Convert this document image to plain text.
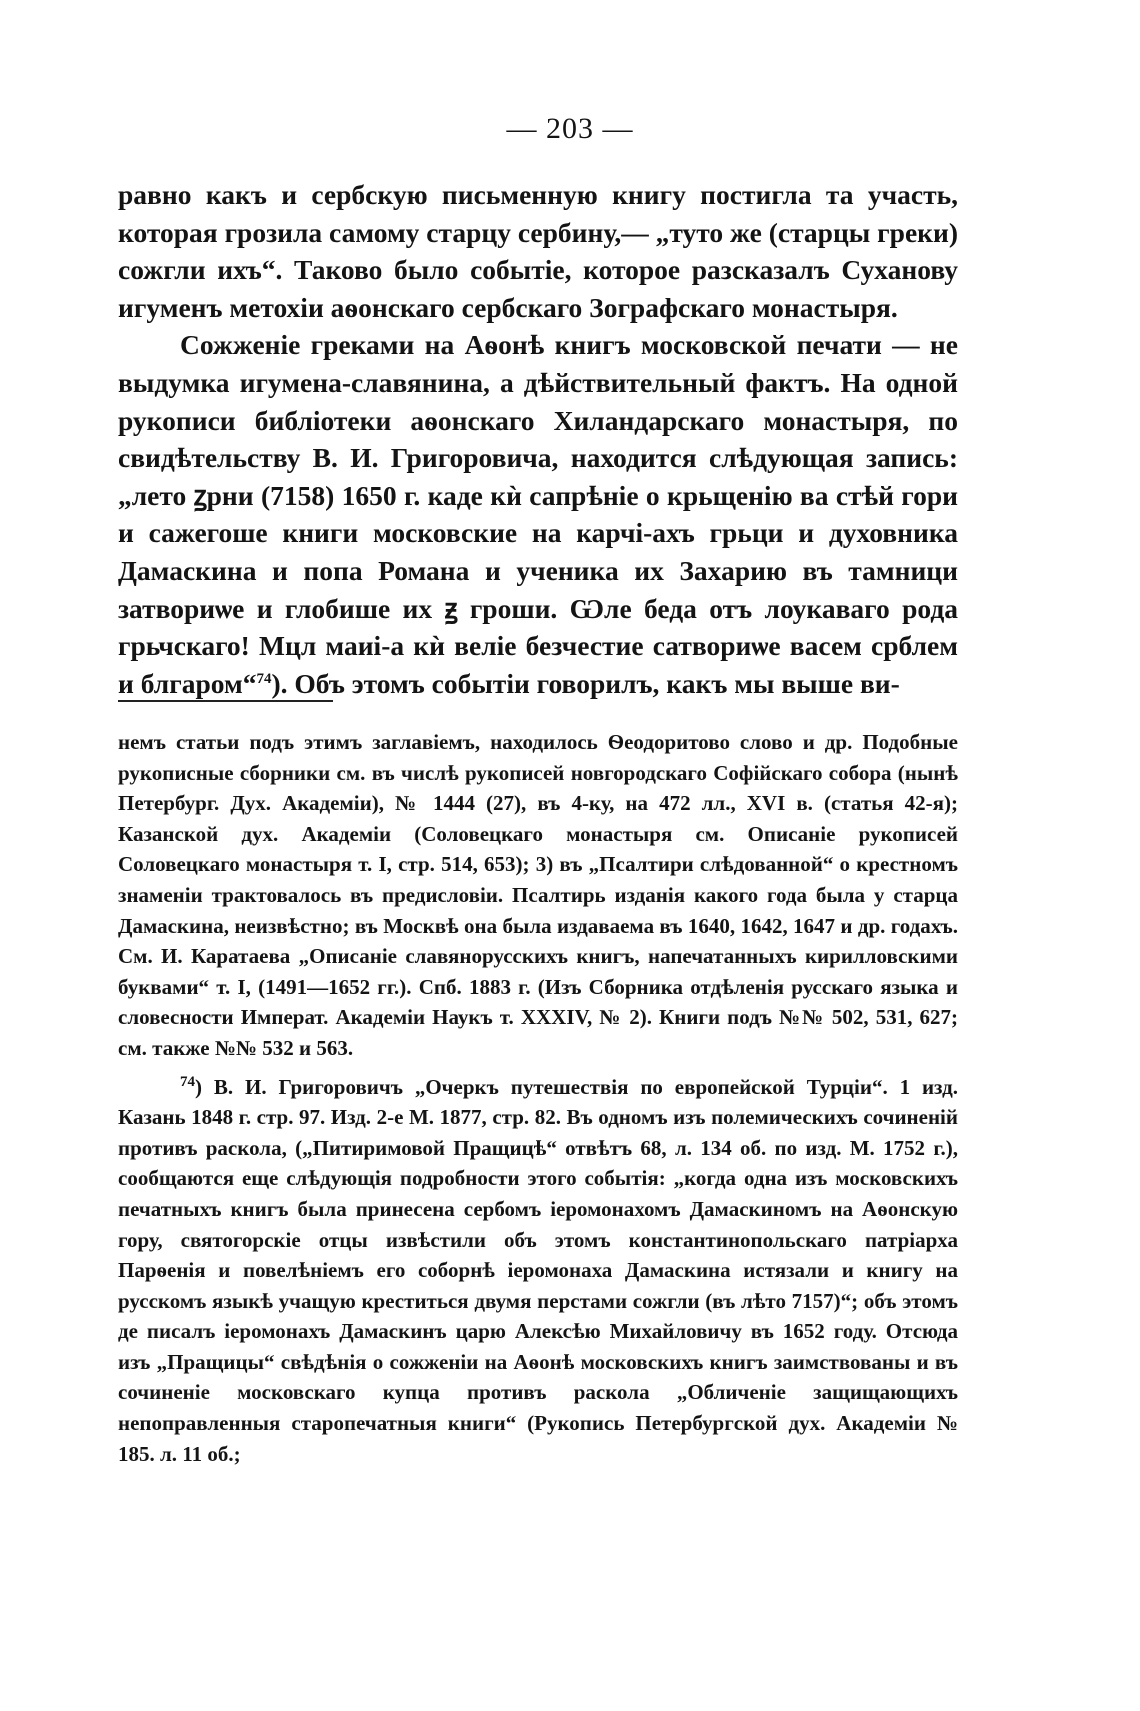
— 203 —

равно какъ и сербскую письменную книгу постигла та участь, которая грозила самому старцу сербину,— „туто же (старцы греки) сожгли ихъ“. Таково было событіе, которое разсказалъ Суханову игуменъ метохіи аѳонскаго сербскаго Зографскаго монастыря.

Сожженіе греками на Аѳонѣ книгъ московской печати — не выдумка игумена-славянина, а дѣйствительный фактъ. На одной рукописи библіотеки аѳонскаго Хиландарскаго монастыря, по свидѣтельству В. И. Григоровича, находится слѣдующая запись: „лето ꙁрни (7158) 1650 г. каде кѝ сапрѣніе о крьщенію ва стѣй гори и сажегоше книги московские на карчі-ахъ грьци и духовника Дамаскина и попа Романа и ученика их Захарию въ тамници затвориѡе и глобише их ꙃ гроши. Ѡле беда отъ лоукаваго рода грьчскаго! Мцл маиі-а кѝ веліе безчестие сатвориѡе васем срблем и блгаром“$^{74}$). Объ этомъ событіи говорилъ, какъ мы выше ви-

немъ статьи подъ этимъ заглавіемъ, находилось Ѳеодоритово слово и др. Подобные рукописные сборники см. въ числѣ рукописей новгородскаго Софійскаго собора (нынѣ Петербург. Дух. Академіи), № 1444 (27), въ 4-ку, на 472 лл., XVI в. (статья 42-я); Казанской дух. Академіи (Соловецкаго монастыря см. Описаніе рукописей Соловецкаго монастыря т. І, стр. 514, 653); 3) въ „Псалтири слѣдованной“ о крестномъ знаменіи трактовалось въ предисловіи. Псалтирь изданія какого года была у старца Дамаскина, неизвѣстно; въ Москвѣ она была издаваема въ 1640, 1642, 1647 и др. годахъ. См. И. Каратаева „Описаніе славянорусскихъ книгъ, напечатанныхъ кирилловскими буквами“ т. І, (1491—1652 гг.). Спб. 1883 г. (Изъ Сборника отдѣленія русскаго языка и словесности Императ. Академіи Наукъ т. XXXIV, № 2). Книги подъ №№ 502, 531, 627; см. также №№ 532 и 563.

$^{74}$) В. И. Григоровичъ „Очеркъ путешествія по европейской Турціи“. 1 изд. Казань 1848 г. стр. 97. Изд. 2-е М. 1877, стр. 82. Въ одномъ изъ полемическихъ сочиненій противъ раскола, („Питиримовой Пращицѣ“ отвѣтъ 68, л. 134 об. по изд. М. 1752 г.), сообщаются еще слѣдующія подробности этого событія: „когда одна изъ московскихъ печатныхъ книгъ была принесена сербомъ іеромонахомъ Дамаскиномъ на Аѳонскую гору, святогорскіе отцы извѣстили объ этомъ константинопольскаго патріарха Парѳенія и повелѣніемъ его соборнѣ іеромонаха Дамаскина истязали и книгу на русскомъ языкѣ учащую креститься двумя перстами сожгли (въ лѣто 7157)“; объ этомъ де писалъ іеромонахъ Дамаскинъ царю Алексѣю Михайловичу въ 1652 году. Отсюда изъ „Пращицы“ свѣдѣнія о сожженіи на Аѳонѣ московскихъ книгъ заимствованы и въ сочиненіе московскаго купца противъ раскола „Обличеніе защищающихъ непоправленныя старопечатныя книги“ (Рукопись Петербургской дух. Академіи № 185. л. 11 об.;
